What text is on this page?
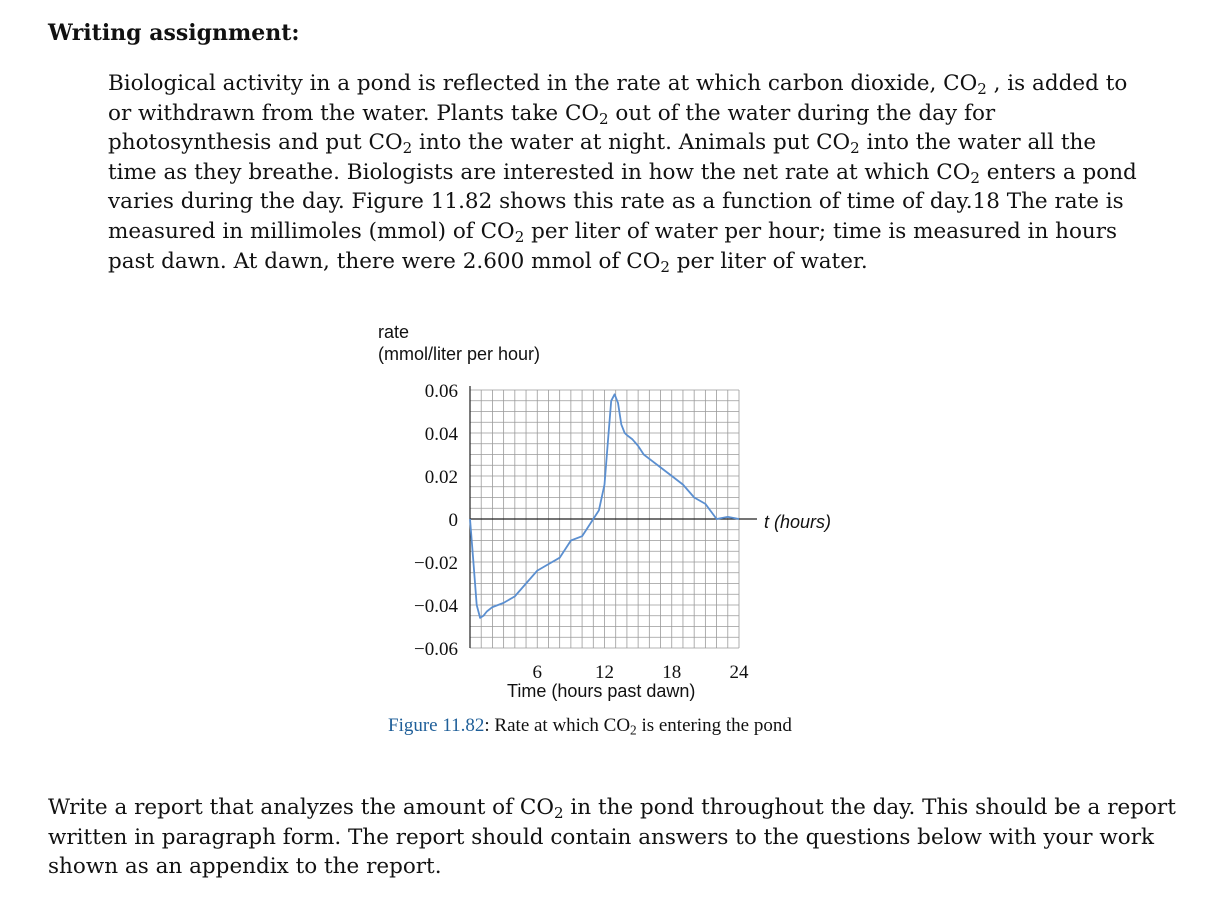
Writing assignment:
Biological activity in a pond is reflected in the rate at which carbon dioxide, $CO_2$ , is added to
or withdrawn from the water. Plants take $CO_2$ out of the water during the day for
photosynthesis and put $CO_2$ into the water at night. Animals put $CO_2$ into the water all the
time as they breathe. Biologists are interested in how the net rate at which $CO_2$ enters a pond
varies during the day. Figure 11.82 shows this rate as a function of time of day.18 The rate is
measured in millimoles (mmol) of $CO_2$ per liter of water per hour; time is measured in hours
past dawn. At dawn, there were 2.600 mmol of $CO_2$ per liter of water.
0.06
0.04
0.02
0
−0.02
−0.04
−0.06
6	12	18	24
rate
(mmol/liter per hour)
t (hours)
Time (hours past dawn)
Figure 11.82: Rate at which $CO_2$ is entering the pond
Write a report that analyzes the amount of $CO_2$ in the pond throughout the day. This should be a report
written in paragraph form. The report should contain answers to the questions below with your work
shown as an appendix to the report.
